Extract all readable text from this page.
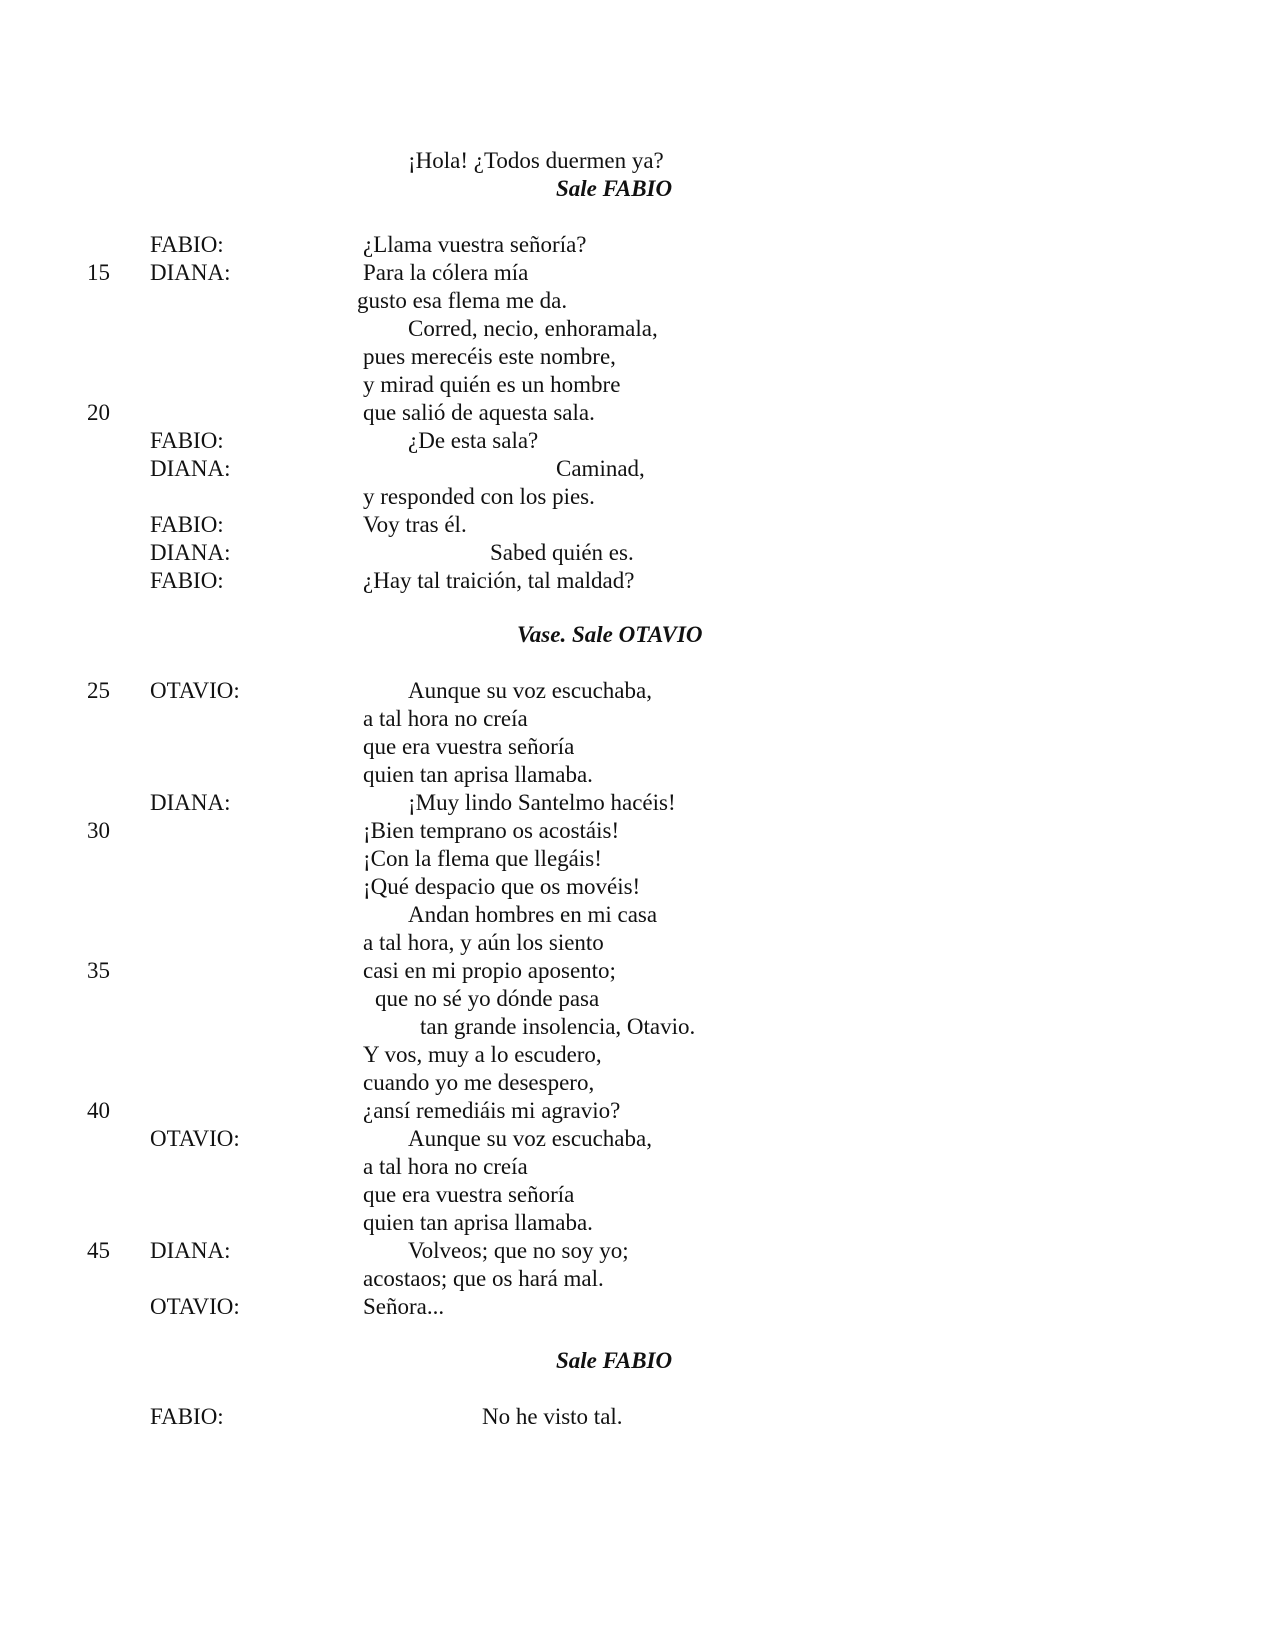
¡Hola! ¿Todos duermen ya?
Sale FABIO
FABIO:	¿Llama vuestra señoría?
15 DIANA:	Para la cólera mía
gusto esa flema me da.
Corred, necio, enhoramala,
pues merecéis este nombre,
y mirad quién es un hombre
20	que salió de aquesta sala.
FABIO:	¿De esta sala?
DIANA:	Caminad,
y responded con los pies.
FABIO:	Voy tras él.
DIANA:	Sabed quién es.
FABIO:	¿Hay tal traición, tal maldad?
Vase. Sale OTAVIO
25 OTAVIO:	Aunque su voz escuchaba,
a tal hora no creía
que era vuestra señoría
quien tan aprisa llamaba.
DIANA:	¡Muy lindo Santelmo hacéis!
30	¡Bien temprano os acostáis!
¡Con la flema que llegáis!
¡Qué despacio que os movéis!
Andan hombres en mi casa
a tal hora, y aún los siento
35	casi en mi propio aposento;
que no sé yo dónde pasa
tan grande insolencia, Otavio.
Y vos, muy a lo escudero,
cuando yo me desespero,
40	¿ansí remediáis mi agravio?
OTAVIO:	Aunque su voz escuchaba,
a tal hora no creía
que era vuestra señoría
quien tan aprisa llamaba.
45 DIANA:	Volveos; que no soy yo;
acostaos; que os hará mal.
OTAVIO:	Señora...
Sale FABIO
FABIO:	No he visto tal.
